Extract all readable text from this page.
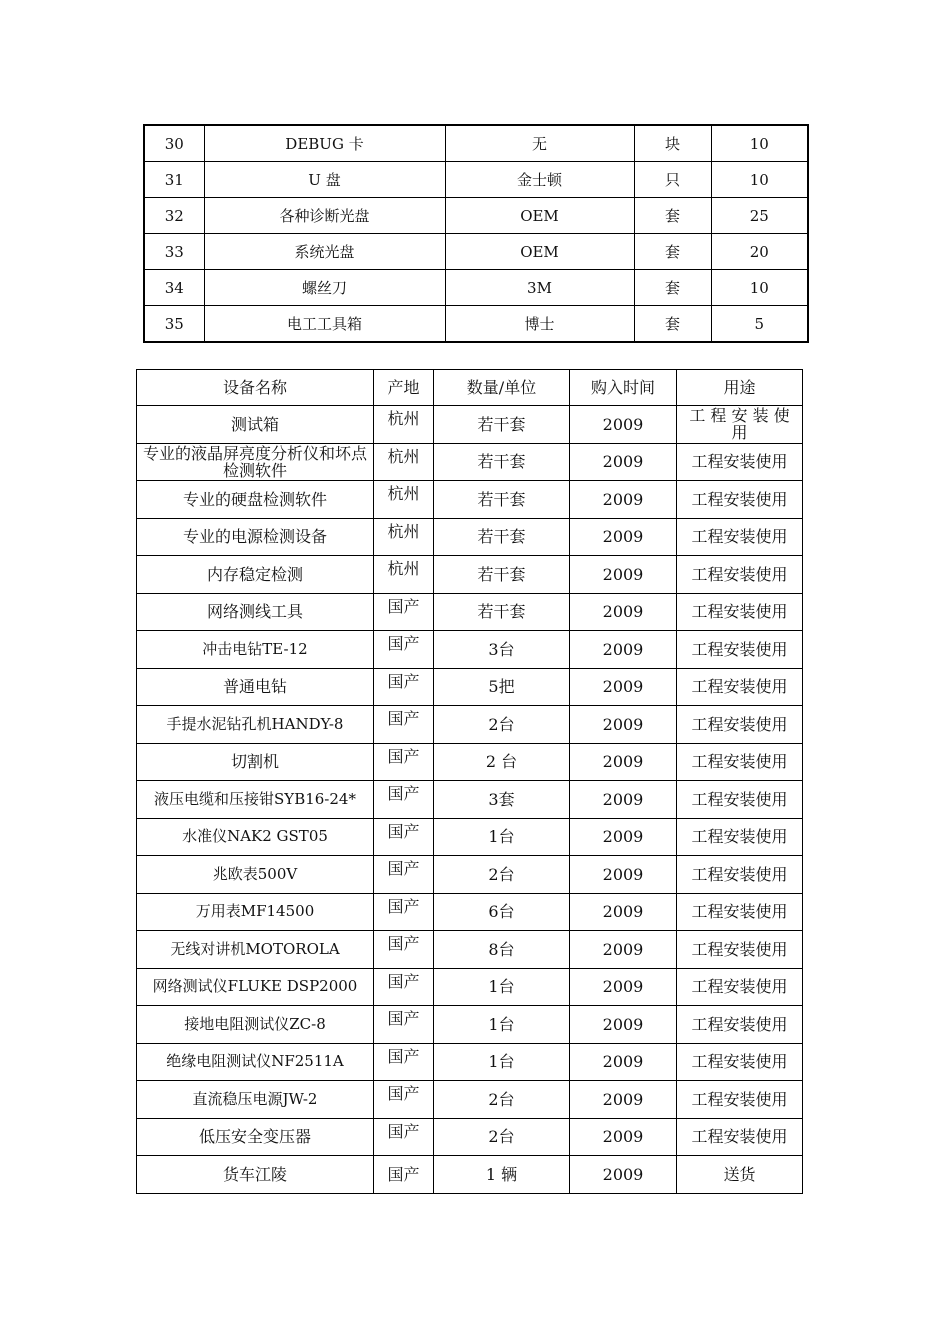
30	DEBUG 卡	无	块	10
31	U 盘	金士顿	只	10
32	各种诊断光盘	OEM	套	25
33	系统光盘	OEM	套	20
34	螺丝刀	3M	套	10
35	电工工具箱	博士	套	5
设备名称	产地	数量/单位	购入时间	用途
测试箱	杭州	若干套	2009	工 程 安 装 使 用
专业的液晶屏亮度分析仪和坏点检测软件	杭州	若干套	2009	工程安装使用
专业的硬盘检测软件	杭州	若干套	2009	工程安装使用
专业的电源检测设备	杭州	若干套	2009	工程安装使用
内存稳定检测	杭州	若干套	2009	工程安装使用
网络测线工具	国产	若干套	2009	工程安装使用
冲击电钻TE-12	国产	3台	2009	工程安装使用
普通电钻	国产	5把	2009	工程安装使用
手提水泥钻孔机HANDY-8	国产	2台	2009	工程安装使用
切割机	国产	2 台	2009	工程安装使用
液压电缆和压接钳SYB16-24*	国产	3套	2009	工程安装使用
水准仪NAK2 GST05	国产	1台	2009	工程安装使用
兆欧表500V	国产	2台	2009	工程安装使用
万用表MF14500	国产	6台	2009	工程安装使用
无线对讲机MOTOROLA	国产	8台	2009	工程安装使用
网络测试仪FLUKE DSP2000	国产	1台	2009	工程安装使用
接地电阻测试仪ZC-8	国产	1台	2009	工程安装使用
绝缘电阻测试仪NF2511A	国产	1台	2009	工程安装使用
直流稳压电源JW-2	国产	2台	2009	工程安装使用
低压安全变压器	国产	2台	2009	工程安装使用
货车江陵	国产	1 辆	2009	送货
